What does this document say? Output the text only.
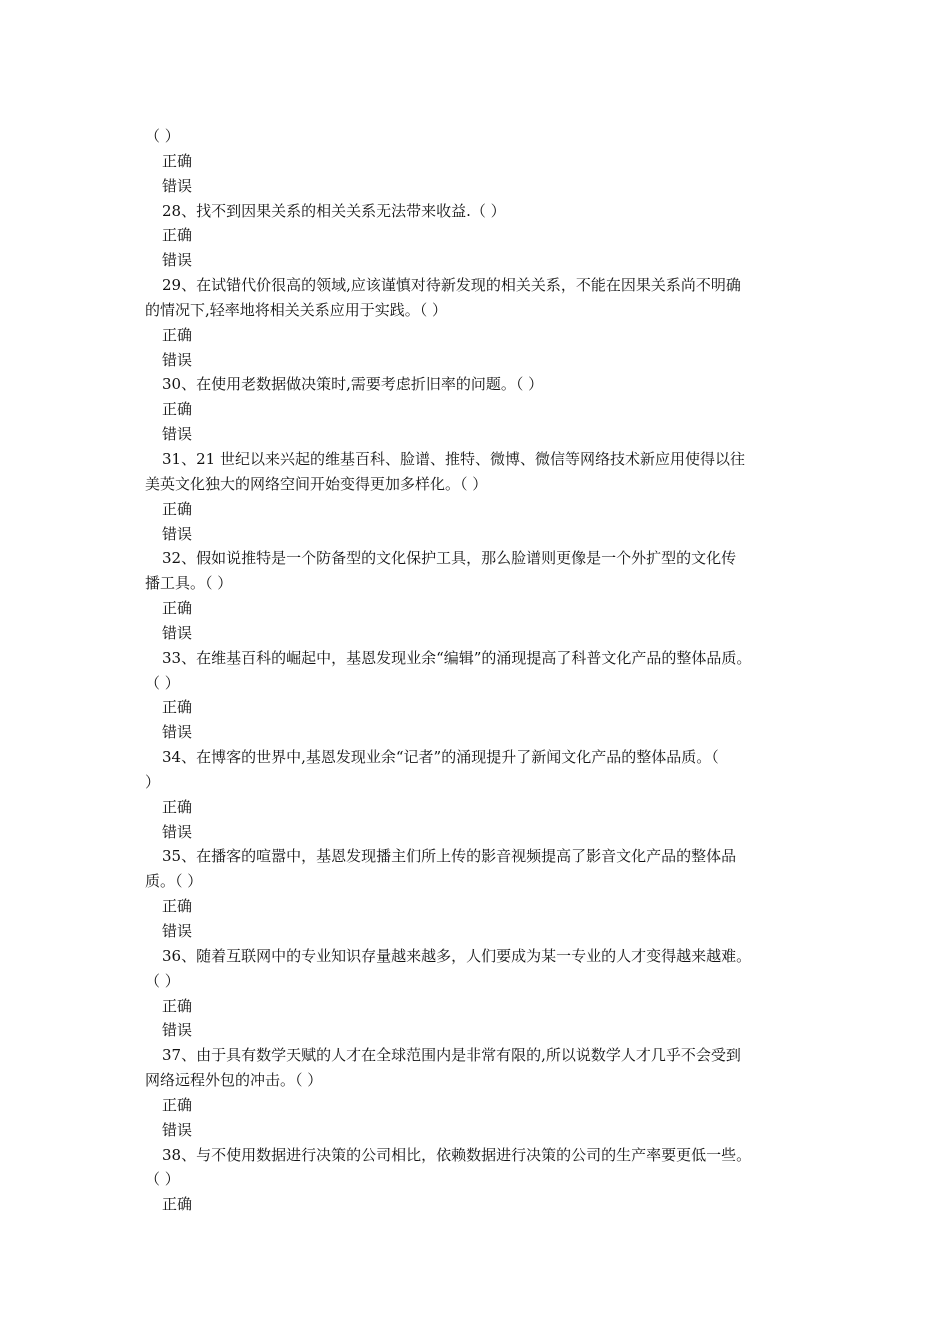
（ ）
正确
错误
28、找不到因果关系的相关关系无法带来收益.（ ）
正确
错误
29、在试错代价很高的领域,应该谨慎对待新发现的相关关系，不能在因果关系尚不明确
的情况下,轻率地将相关关系应用于实践。（ ）
正确
错误
30、在使用老数据做决策时,需要考虑折旧率的问题。（ ）
正确
错误
31、21 世纪以来兴起的维基百科、脸谱、推特、微博、微信等网络技术新应用使得以往
美英文化独大的网络空间开始变得更加多样化。（ ）
正确
错误
32、假如说推特是一个防备型的文化保护工具，那么脸谱则更像是一个外扩型的文化传
播工具。（ ）
正确
错误
33、在维基百科的崛起中，基恩发现业余“编辑”的涌现提高了科普文化产品的整体品质。
（ ）
正确
错误
34、在博客的世界中,基恩发现业余“记者”的涌现提升了新闻文化产品的整体品质。（
）
正确
错误
35、在播客的喧嚣中，基恩发现播主们所上传的影音视频提高了影音文化产品的整体品
质。（ ）
正确
错误
36、随着互联网中的专业知识存量越来越多，人们要成为某一专业的人才变得越来越难。
（ ）
正确
错误
37、由于具有数学天赋的人才在全球范围内是非常有限的,所以说数学人才几乎不会受到
网络远程外包的冲击。（ ）
正确
错误
38、与不使用数据进行决策的公司相比，依赖数据进行决策的公司的生产率要更低一些。
（ ）
正确
